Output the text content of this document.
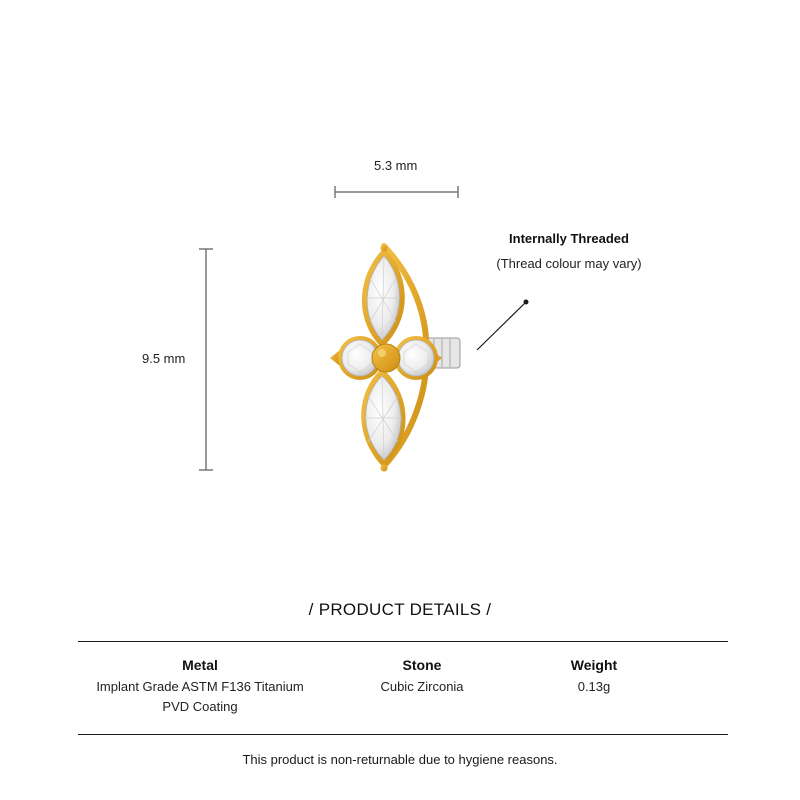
5.3 mm
9.5 mm
Internally Threaded
(Thread colour may vary)
/ PRODUCT DETAILS /
Metal
Implant Grade ASTM F136 Titanium
PVD Coating
Stone
Cubic Zirconia
Weight
0.13g
This product is non-returnable due to hygiene reasons.
